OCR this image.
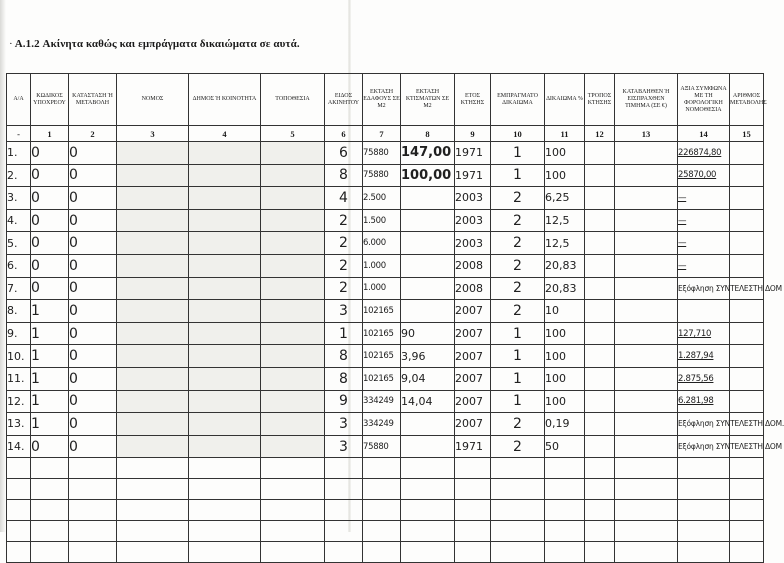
· A.1.2 Ακίνητα καθώς και εμπράγματα δικαιώματα σε αυτά.
Α/Α	ΚΩΔΙΚΟΣ ΥΠΟΧΡΕΟΥ	ΚΑΤΑΣΤΑΣΗ Ή ΜΕΤΑΒΟΛΗ	ΝΟΜΟΣ	ΔΗΜΟΣ Ή ΚΟΙΝΟΤΗΤΑ	ΤΟΠΟΘΕΣΙΑ	ΕΙΔΟΣ ΑΚΙΝΗΤΟΥ	ΕΚΤΑΣΗ ΕΔΑΦΟΥΣ ΣΕ Μ2	ΕΚΤΑΣΗ ΚΤΙΣΜΑΤΩΝ ΣΕ Μ2	ΕΤΟΣ ΚΤΗΣΗΣ	ΕΜΠΡΑΓΜΑΤΟ ΔΙΚΑΙΩΜΑ	ΔΙΚΑΙΩΜΑ %	ΤΡΟΠΟΣ ΚΤΗΣΗΣ	ΚΑΤΑΒΛΗΘΕΝ Ή ΕΙΣΠΡΑΧΘΕΝ ΤΙΜΗΜΑ (ΣΕ €)	ΑΞΙΑ ΣΥΜΦΩΝΑ ΜΕ ΤΗ ΦΟΡΟΛΟΓΙΚΗ ΝΟΜΟΘΕΣΙΑ	ΑΡΙΘΜΟΣ ΜΕΤΑΒΟΛΗΣ
-	1	2	3	4	5	6	7	8	9	10	11	12	13	14	15
1.	0	0				6	75880	147,00	1971	1	100			226874,80	
2.	0	0				8	75880	100,00	1971	1	100			25870,00	
3.	0	0				4	2.500		2003	2	6,25			—	
4.	0	0				2	1.500		2003	2	12,5			—	
5.	0	0				2	6.000		2003	2	12,5			—	
6.	0	0				2	1.000		2008	2	20,83			—	
7.	0	0				2	1.000		2008	2	20,83			Εξόφληση ΣΥΝΤΕΛΕΣΤΗ ΔΟΜ	
8.	1	0				3	102165		2007	2	10				
9.	1	0				1	102165	90	2007	1	100			127,710	
10.	1	0				8	102165	3,96	2007	1	100			1.287,94	
11.	1	0				8	102165	9,04	2007	1	100			2.875,56	
12.	1	0				9	334249	14,04	2007	1	100			6.281,98	
13.	1	0				3	334249		2007	2	0,19			Εξόφληση ΣΥΝΤΕΛΕΣΤΗ ΔΟΜ.	
14.	0	0				3	75880		1971	2	50			Εξόφληση ΣΥΝΤΕΛΕΣΤΗ ΔΟΜ	
